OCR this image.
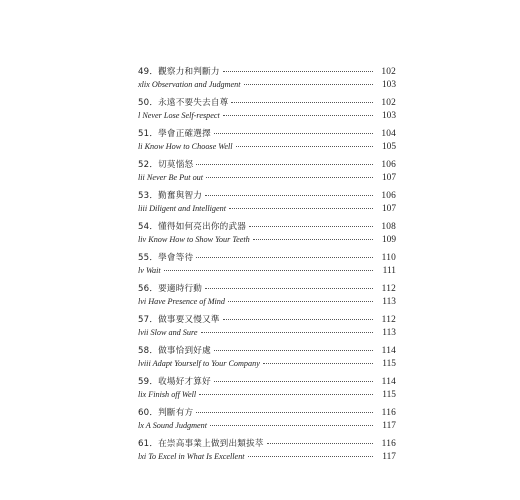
49．觀察力和判斷力	102
xlix Observation and Judgment	103
50．永遠不要失去自尊	102
l Never Lose Self-respect	103
51．學會正確選擇	104
li Know How to Choose Well	105
52．切莫惱怒	106
lii Never Be Put out	107
53．勤奮與智力	106
liii Diligent and Intelligent	107
54．懂得如何亮出你的武器	108
liv Know How to Show Your Teeth	109
55．學會等待	110
lv Wait	111
56．要適時行動	112
lvi Have Presence of Mind	113
57．做事要又慢又準	112
lvii Slow and Sure	113
58．做事恰到好處	114
lviii Adapt Yourself to Your Company	115
59．收場好才算好	114
lix Finish off Well	115
60．判斷有方	116
lx A Sound Judgment	117
61．在崇高事業上做到出類拔萃	116
lxi To Excel in What Is Excellent	117
